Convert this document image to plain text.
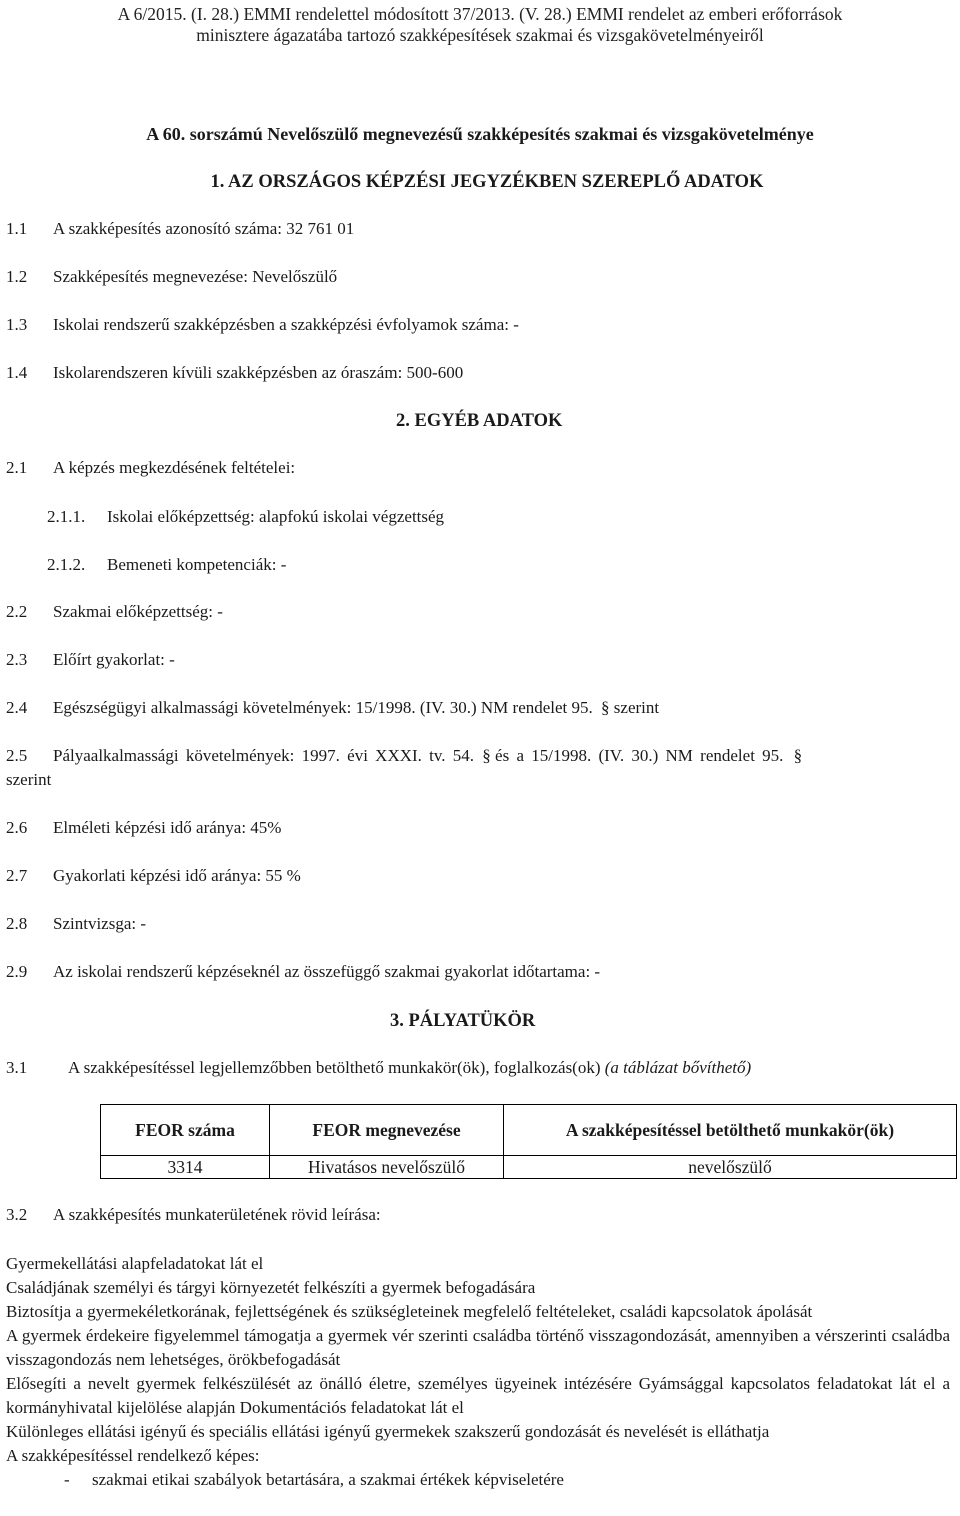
A 6/2015. (I. 28.) EMMI rendelettel módosított 37/2013. (V. 28.) EMMI rendelet az emberi erőforrások
minisztere ágazatába tartozó szakképesítések szakmai és vizsgakövetelményeiről
A 60. sorszámú Nevelőszülő megnevezésű szakképesítés szakmai és vizsgakövetelménye
1. AZ ORSZÁGOS KÉPZÉSI JEGYZÉKBEN SZEREPLŐ ADATOK
1.1 A szakképesítés azonosító száma: 32 761 01
1.2 Szakképesítés megnevezése: Nevelőszülő
1.3 Iskolai rendszerű szakképzésben a szakképzési évfolyamok száma: -
1.4 Iskolarendszeren kívüli szakképzésben az óraszám: 500-600
2. EGYÉB ADATOK
2.1 A képzés megkezdésének feltételei:
2.1.1. Iskolai előképzettség: alapfokú iskolai végzettség
2.1.2. Bemeneti kompetenciák: -
2.2 Szakmai előképzettség: -
2.3 Előírt gyakorlat: -
2.4 Egészségügyi alkalmassági követelmények: 15/1998. (IV. 30.) NM rendelet 95. § szerint
2.5 Pályaalkalmassági követelmények: 1997. évi XXXI. tv. 54. § és a 15/1998. (IV. 30.) NM rendelet 95. §
szerint
2.6 Elméleti képzési idő aránya: 45%
2.7 Gyakorlati képzési idő aránya: 55 %
2.8 Szintvizsga: -
2.9 Az iskolai rendszerű képzéseknél az összefüggő szakmai gyakorlat időtartama: -
3. PÁLYATÜKÖR
3.1 A szakképesítéssel legjellemzőbben betölthető munkakör(ök), foglalkozás(ok) (a táblázat bővíthető)
FEOR száma	FEOR megnevezése	A szakképesítéssel betölthető munkakör(ök)
3314	Hivatásos nevelőszülő	nevelőszülő
3.2 A szakképesítés munkaterületének rövid leírása:
Gyermekellátási alapfeladatokat lát el
Családjának személyi és tárgyi környezetét felkészíti a gyermek befogadására
Biztosítja a gyermekéletkorának, fejlettségének és szükségleteinek megfelelő feltételeket, családi kapcsolatok ápolását
A gyermek érdekeire figyelemmel támogatja a gyermek vér szerinti családba történő visszagondozását, amennyiben a vérszerinti családba visszagondozás nem lehetséges, örökbefogadását
Elősegíti a nevelt gyermek felkészülését az önálló életre, személyes ügyeinek intézésére Gyámsággal kapcsolatos feladatokat lát el a kormányhivatal kijelölése alapján Dokumentációs feladatokat lát el
Különleges ellátási igényű és speciális ellátási igényű gyermekek szakszerű gondozását és nevelését is elláthatja
A szakképesítéssel rendelkező képes:
- szakmai etikai szabályok betartására, a szakmai értékek képviseletére
